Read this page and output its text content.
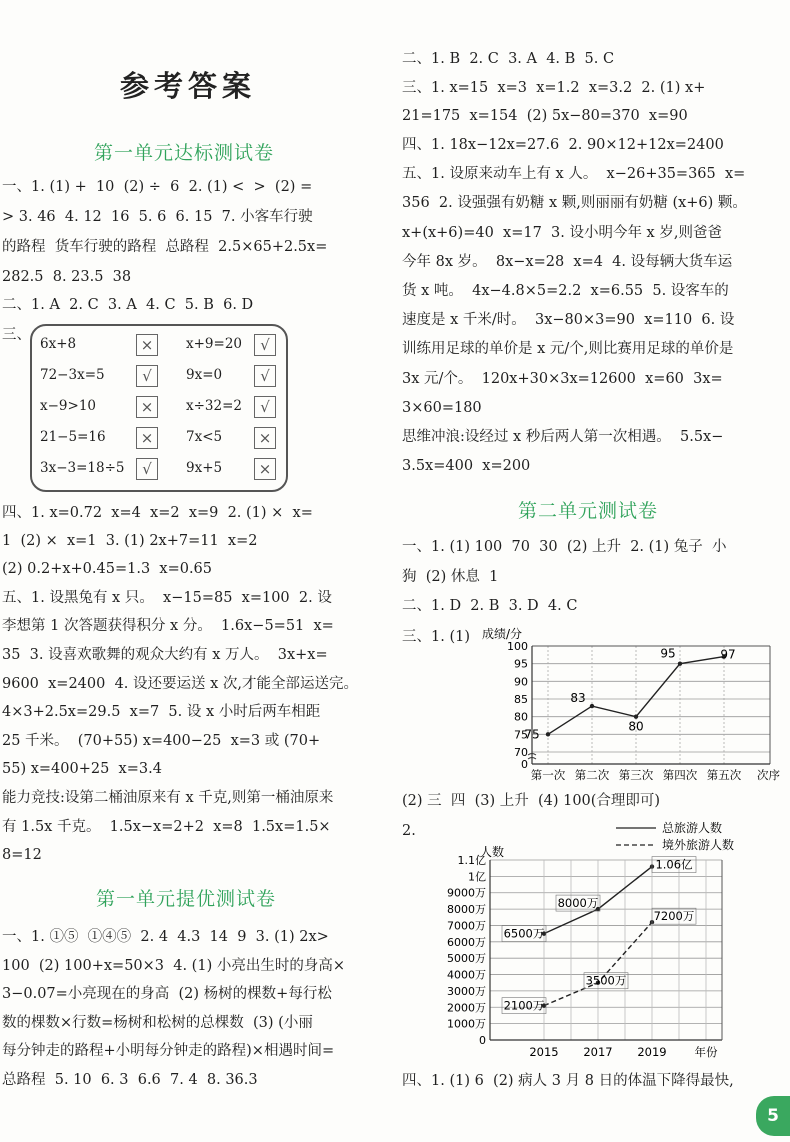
参考答案
第一单元达标测试卷
一、1. (1) +  10  (2) ÷  6  2. (1) <  >  (2) =
> 3. 46  4. 12  16  5. 6  6. 15  7. 小客车行驶
的路程  货车行驶的路程  总路程  2.5×65+2.5x=
282.5  8. 23.5  38
二、1. A  2. C  3. A  4. C  5. B  6. D
三、
6x+8	×	x+9=20	√
72−3x=5	√	9x=0	√
x−9>10	×	x÷32=2	√
21−5=16	×	7x<5	×
3x−3=18÷5	√	9x+5	×
四、1. x=0.72  x=4  x=2  x=9  2. (1) ×  x=
1  (2) ×  x=1  3. (1) 2x+7=11  x=2
(2) 0.2+x+0.45=1.3  x=0.65
五、1. 设黑兔有 x 只。  x−15=85  x=100  2. 设
李想第 1 次答题获得积分 x 分。  1.6x−5=51  x=
35  3. 设喜欢歌舞的观众大约有 x 万人。  3x+x=
9600  x=2400  4. 设还要运送 x 次,才能全部运送完。
4×3+2.5x=29.5  x=7  5. 设 x 小时后两车相距
25 千米。  (70+55) x=400−25  x=3 或 (70+
55) x=400+25  x=3.4
能力竞技:设第二桶油原来有 x 千克,则第一桶油原来
有 1.5x 千克。  1.5x−x=2+2  x=8  1.5x=1.5×
8=12
第一单元提优测试卷
一、1. ①⑤  ①④⑤  2. 4  4.3  14  9  3. (1) 2x>
100  (2) 100+x=50×3  4. (1) 小亮出生时的身高×
3−0.07=小亮现在的身高  (2) 杨树的棵数+每行松
数的棵数×行数=杨树和松树的总棵数  (3) (小丽
每分钟走的路程+小明每分钟走的路程)×相遇时间=
总路程  5. 10  6. 3  6.6  7. 4  8. 36.3
二、1. B  2. C  3. A  4. B  5. C
三、1. x=15  x=3  x=1.2  x=3.2  2. (1) x+
21=175  x=154  (2) 5x−80=370  x=90
四、1. 18x−12x=27.6  2. 90×12+12x=2400
五、1. 设原来动车上有 x 人。  x−26+35=365  x=
356  2. 设强强有奶糖 x 颗,则丽丽有奶糖 (x+6) 颗。
x+(x+6)=40  x=17  3. 设小明今年 x 岁,则爸爸
今年 8x 岁。  8x−x=28  x=4  4. 设每辆大货车运
货 x 吨。  4x−4.8×5=2.2  x=6.55  5. 设客车的
速度是 x 千米/时。  3x−80×3=90  x=110  6. 设
训练用足球的单价是 x 元/个,则比赛用足球的单价是
3x 元/个。  120x+30×3x=12600  x=60  3x=
3×60=180
思维冲浪:设经过 x 秒后两人第一次相遇。  5.5x−
3.5x=400  x=200
第二单元测试卷
一、1. (1) 100  70  30  (2) 上升  2. (1) 兔子  小
狗  (2) 休息  1
二、1. D  2. B  3. D  4. C
三、1. (1) 成绩/分
0
70
75
80
85
90
95
100
75
83
80
95	97
第一次 第二次 第三次 第四次 第五次 次序
(2) 三  四  (3) 上升  (4) 100(合理即可)
2.
人数
0
1000万
2000万
3000万
4000万
5000万
6000万
7000万
8000万
9000万
1亿
1.1亿
总旅游人数
境外旅游人数
6500万
8000万
1.06亿
2100万
3500万
7200万
2015 2017 2019 年份
四、1. (1) 6  (2) 病人 3 月 8 日的体温下降得最快,
5
